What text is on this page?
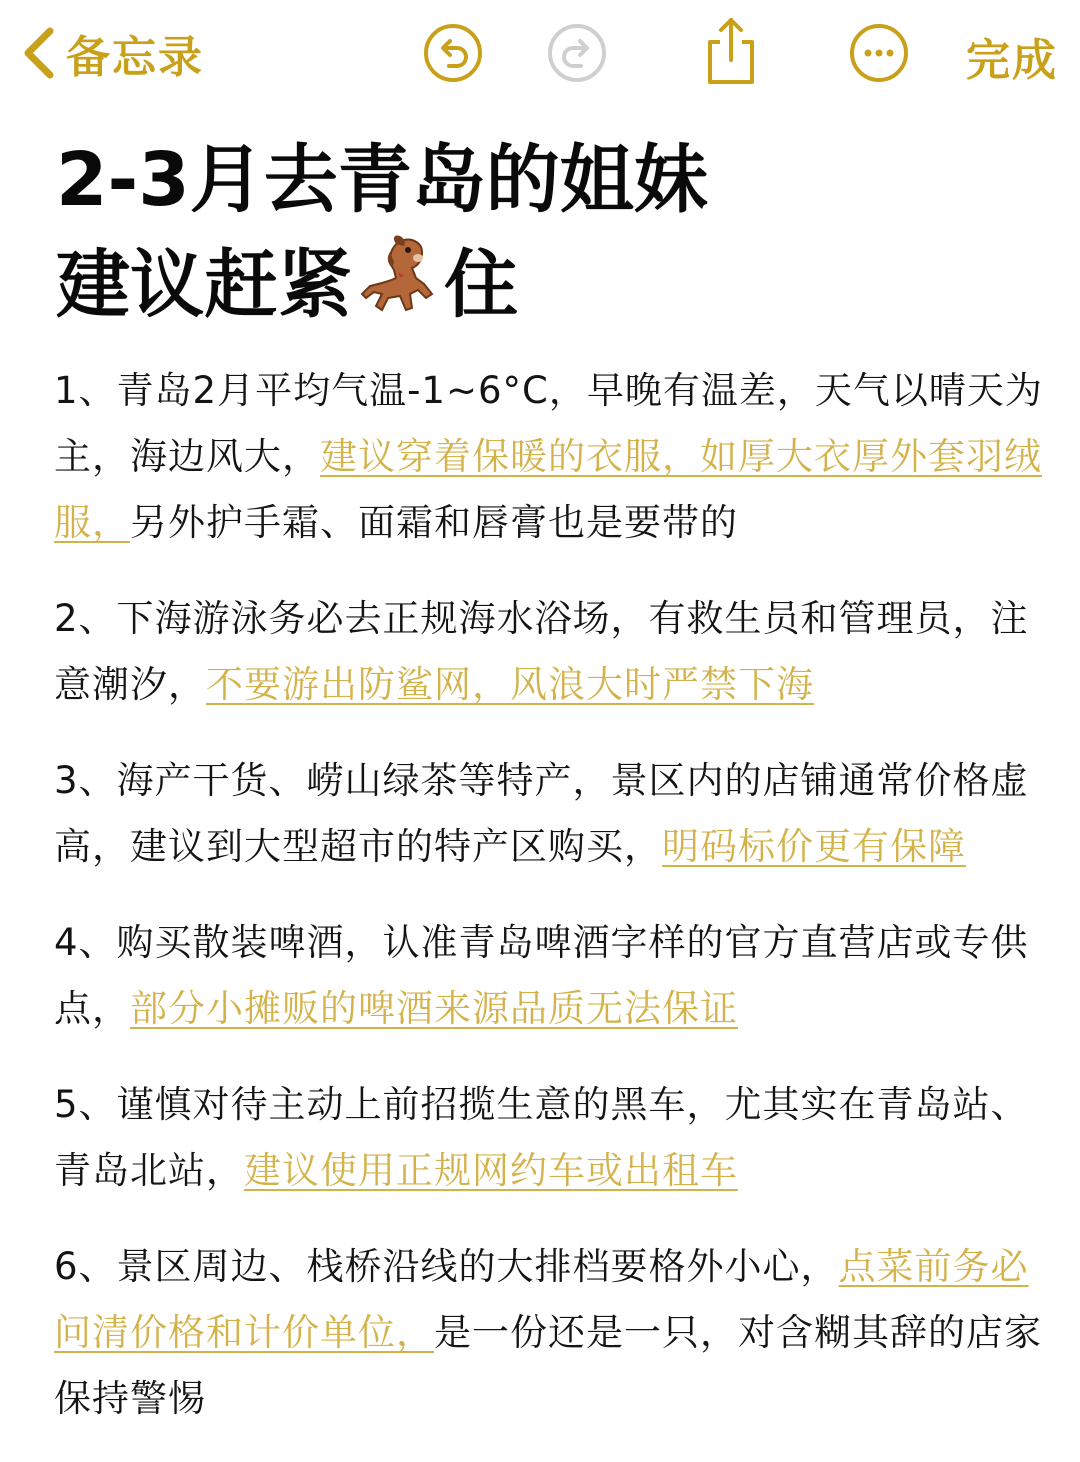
备忘录	完成
2-3月去青岛的姐妹
建议赶紧 住

1、青岛2月平均气温-1~6°C，早晚有温差，天气以晴天为主，海边风大，建议穿着保暖的衣服，如厚大衣厚外套羽绒服，另外护手霜、面霜和唇膏也是要带的

2、下海游泳务必去正规海水浴场，有救生员和管理员，注意潮汐，不要游出防鲨网，风浪大时严禁下海

3、海产干货、崂山绿茶等特产，景区内的店铺通常价格虚高，建议到大型超市的特产区购买，明码标价更有保障

4、购买散装啤酒，认准青岛啤酒字样的官方直营店或专供点，部分小摊贩的啤酒来源品质无法保证

5、谨慎对待主动上前招揽生意的黑车，尤其实在青岛站、青岛北站，建议使用正规网约车或出租车

6、景区周边、栈桥沿线的大排档要格外小心，点菜前务必问清价格和计价单位，是一份还是一只，对含糊其辞的店家保持警惕
